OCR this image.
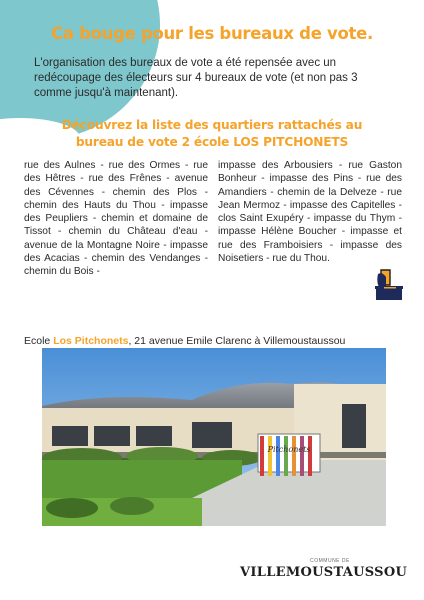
Ca bouge pour les bureaux de vote.

L'organisation des bureaux de vote a été repensée avec un redécoupage des électeurs sur 4 bureaux de vote (et non pas 3 comme jusqu'à maintenant).

Découvrez la liste des quartiers rattachés au
bureau de vote 2 école LOS PITCHONETS

rue des Aulnes - rue des Ormes - rue des Hêtres - rue des Frênes - avenue des Cévennes - chemin des Plos - chemin des Hauts du Thou - impasse des Peupliers - chemin et domaine de Tissot - chemin du Château d'eau - avenue de la Montagne Noire - impasse des Acacias - chemin des Vendanges - chemin du Bois -

impasse des Arbousiers - rue Gaston Bonheur - impasse des Pins - rue des Amandiers - chemin de la Delveze - rue Jean Mermoz - impasse des Capitelles - clos Saint Exupéry - impasse du Thym - impasse Hélène Boucher - impasse et rue des Framboisiers - impasse des Noisetiers - rue du Thou.

Ecole Los Pitchonets, 21 avenue Emile Clarenc à Villemoustaussou
Pitchonets
COMMUNE DE
VILLEMOUSTAUSSOU
